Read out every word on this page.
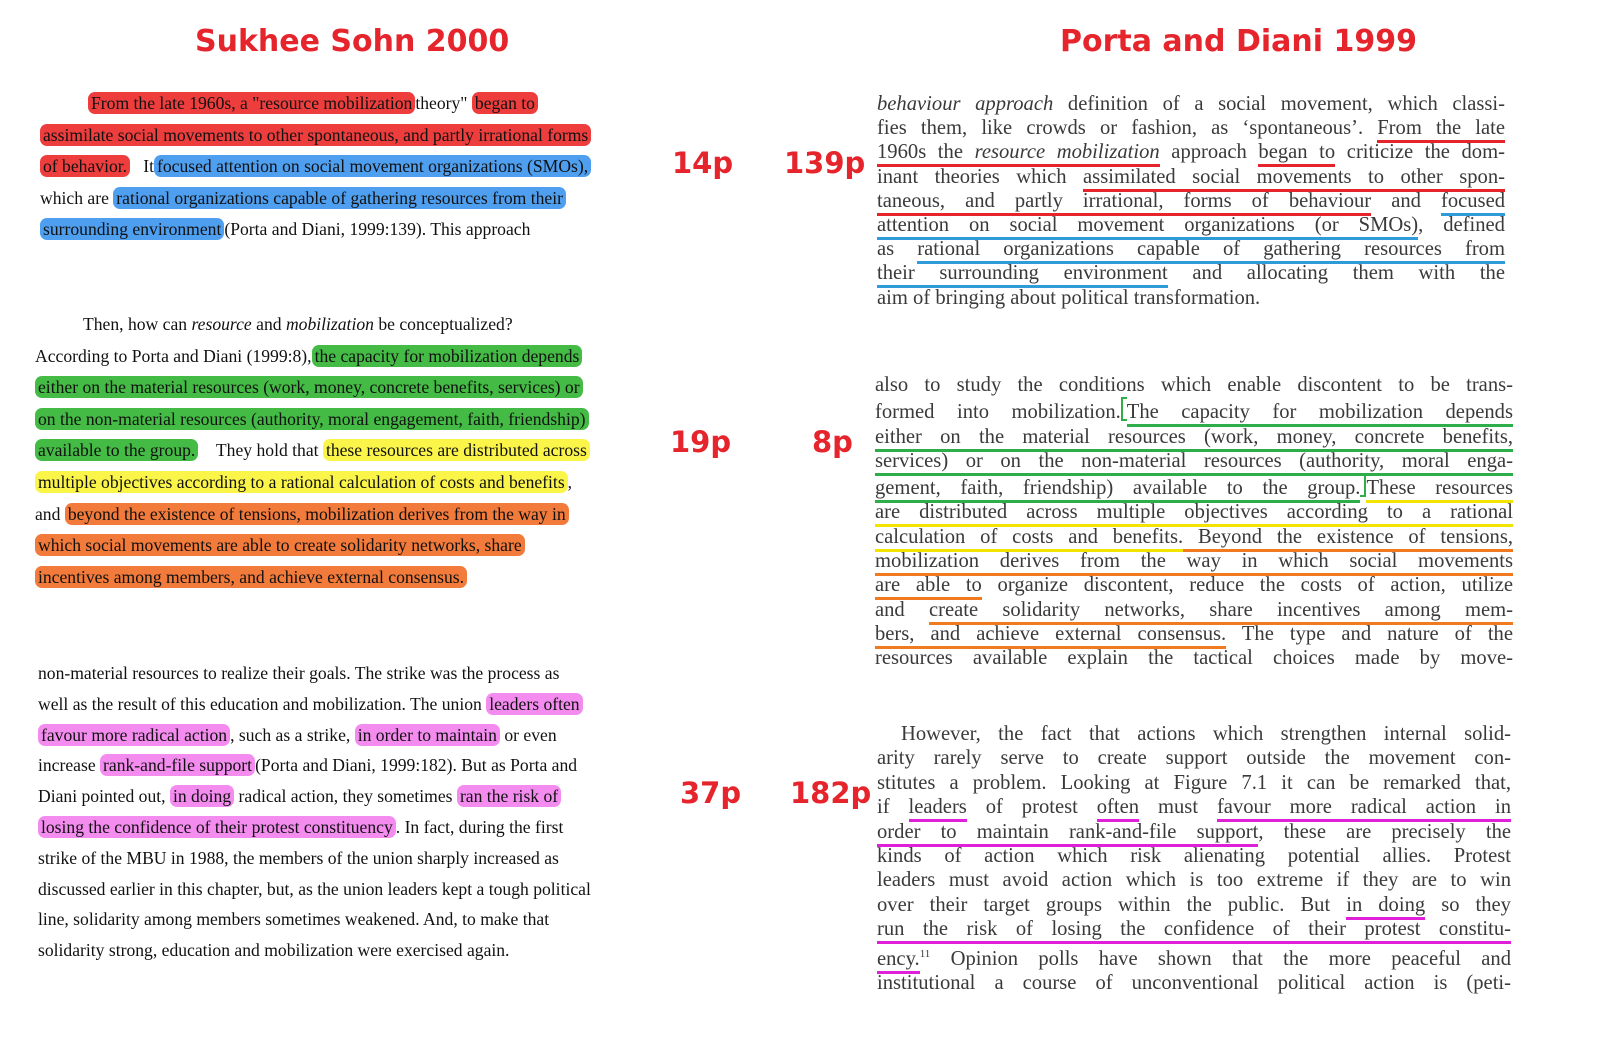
Sukhee Sohn 2000	Porta and Diani 1999
14p 139p
19p	8p
37p 182p

From the late 1960s, a "resource mobilization theory" began to

assimilate social movements to other spontaneous, and partly irrational forms

of behavior. It focused attention on social movement organizations (SMOs),

which are rational organizations capable of gathering resources from their

surrounding environment (Porta and Diani, 1999:139). This approach

Then, how can resource and mobilization be conceptualized?

According to Porta and Diani (1999:8), the capacity for mobilization depends

either on the material resources (work, money, concrete benefits, services) or

on the non-material resources (authority, moral engagement, faith, friendship)

available to the group. They hold that these resources are distributed across

multiple objectives according to a rational calculation of costs and benefits ,

and beyond the existence of tensions, mobilization derives from the way in

which social movements are able to create solidarity networks, share

incentives among members, and achieve external consensus.

non-material resources to realize their goals. The strike was the process as

well as the result of this education and mobilization. The union leaders often

favour more radical action , such as a strike, in order to maintain or even

increase rank-and-file support (Porta and Diani, 1999:182). But as Porta and

Diani pointed out, in doing radical action, they sometimes ran the risk of

losing the confidence of their protest constituency . In fact, during the first

strike of the MBU in 1988, the members of the union sharply increased as

discussed earlier in this chapter, but, as the union leaders kept a tough political

line, solidarity among members sometimes weakened. And, to make that

solidarity strong, education and mobilization were exercised again.

behaviour approach definition of a social movement, which classi-

fies them, like crowds or fashion, as ‘spontaneous’. From the late

1960s the resource mobilization approach began to criticize the dom-

inant theories which assimilated social movements to other spon-

taneous, and partly irrational, forms of behaviour and focused

attention on social movement organizations (or SMOs), defined

as rational organizations capable of gathering resources from

their surrounding environment and allocating them with the

aim of bringing about political transformation.

also to study the conditions which enable discontent to be trans-

formed into mobilization. The capacity for mobilization depends

either on the material resources (work, money, concrete benefits,

services) or on the non-material resources (authority, moral enga-

gement, faith, friendship) available to the group. These resources

are distributed across multiple objectives according to a rational

calculation of costs and benefits. Beyond the existence of tensions,

mobilization derives from the way in which social movements

are able to organize discontent, reduce the costs of action, utilize

and create solidarity networks, share incentives among mem-

bers, and achieve external consensus. The type and nature of the

resources available explain the tactical choices made by move-

However, the fact that actions which strengthen internal solid-

arity rarely serve to create support outside the movement con-

stitutes a problem. Looking at Figure 7.1 it can be remarked that,

if leaders of protest often must favour more radical action in

order to maintain rank-and-file support, these are precisely the

kinds of action which risk alienating potential allies. Protest

leaders must avoid action which is too extreme if they are to win

over their target groups within the public. But in doing so they

run the risk of losing the confidence of their protest constitu-

ency.$^{11}$ Opinion polls have shown that the more peaceful and

institutional a course of unconventional political action is (peti-
